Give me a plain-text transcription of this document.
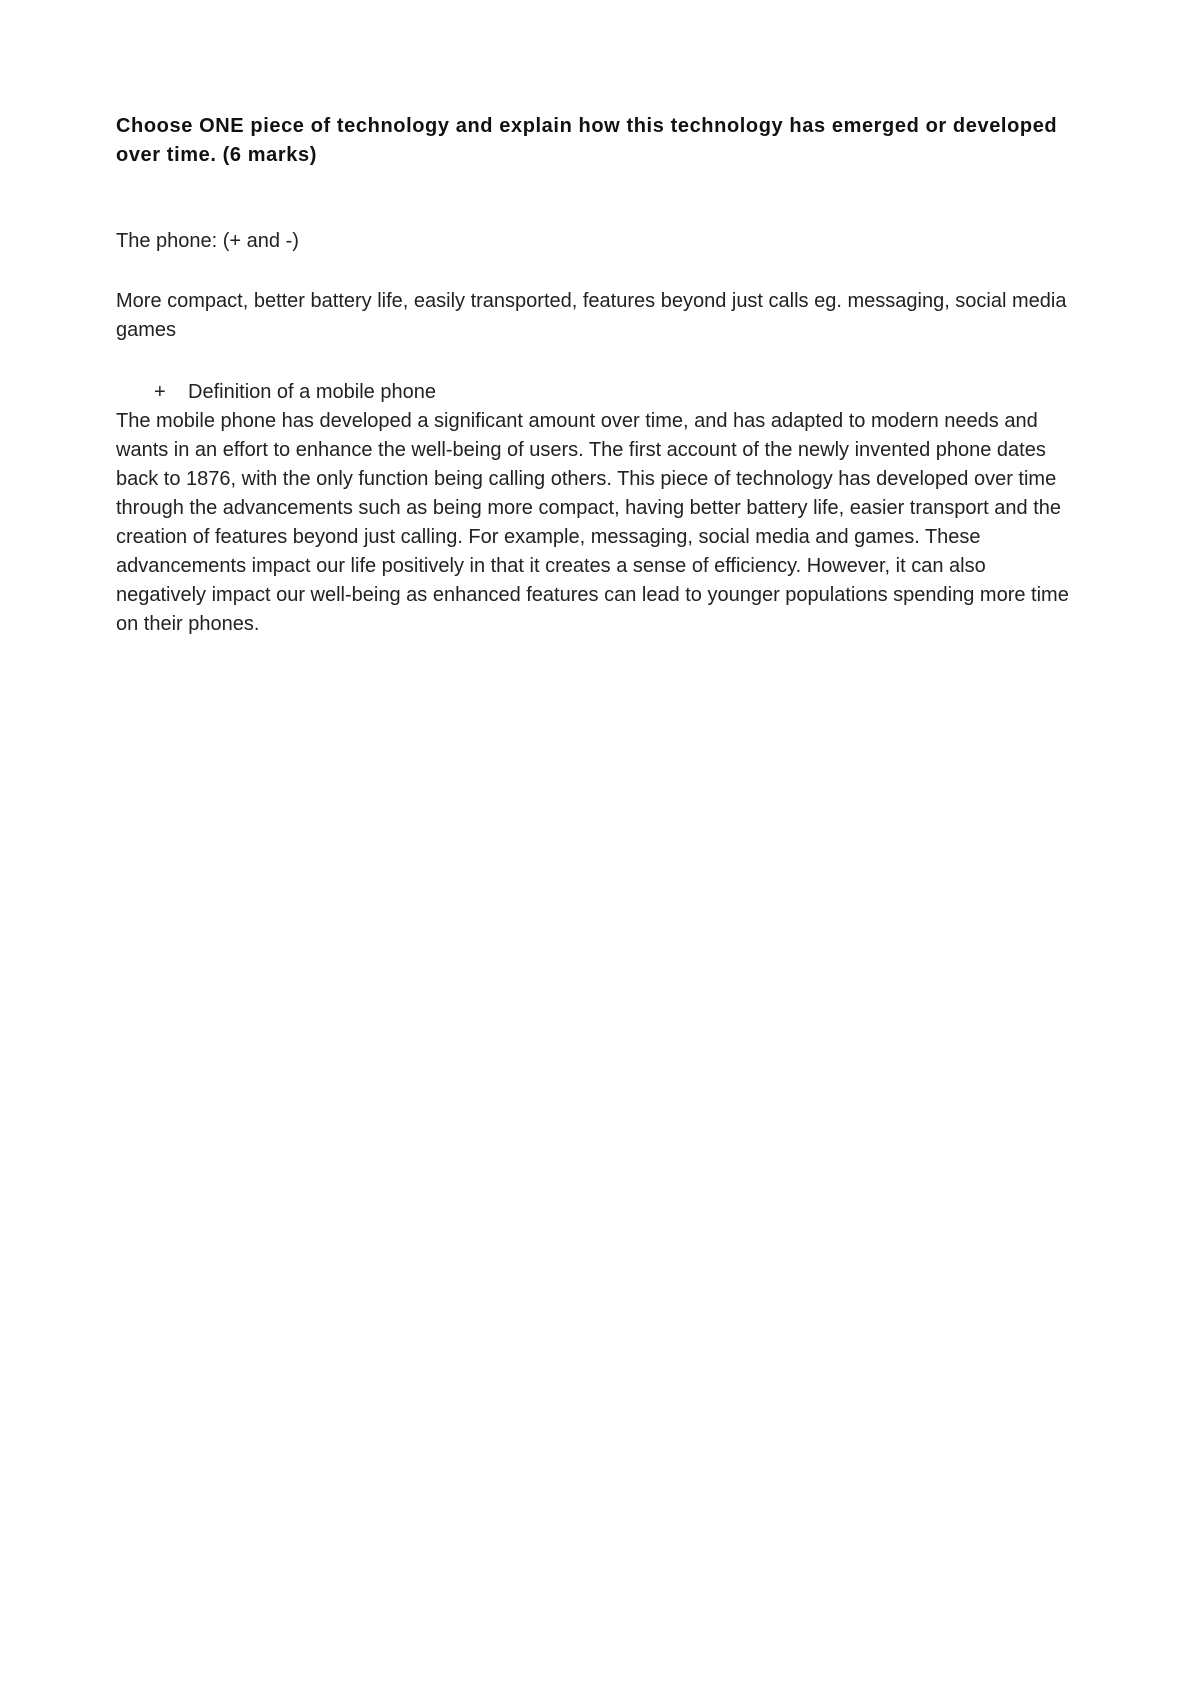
Choose ONE piece of technology and explain how this technology has emerged or developed over time. (6 marks)

The phone: (+ and -)

More compact, better battery life, easily transported, features beyond just calls eg. messaging, social media games

+	Definition of a mobile phone

The mobile phone has developed a significant amount over time, and has adapted to modern needs and wants in an effort to enhance the well-being of users. The first account of the newly invented phone dates back to 1876, with the only function being calling others. This piece of technology has developed over time through the advancements such as being more compact, having better battery life, easier transport and the creation of features beyond just calling. For example, messaging, social media and games. These advancements impact our life positively in that it creates a sense of efficiency. However, it can also negatively impact our well-being as enhanced features can lead to younger populations spending more time on their phones.
